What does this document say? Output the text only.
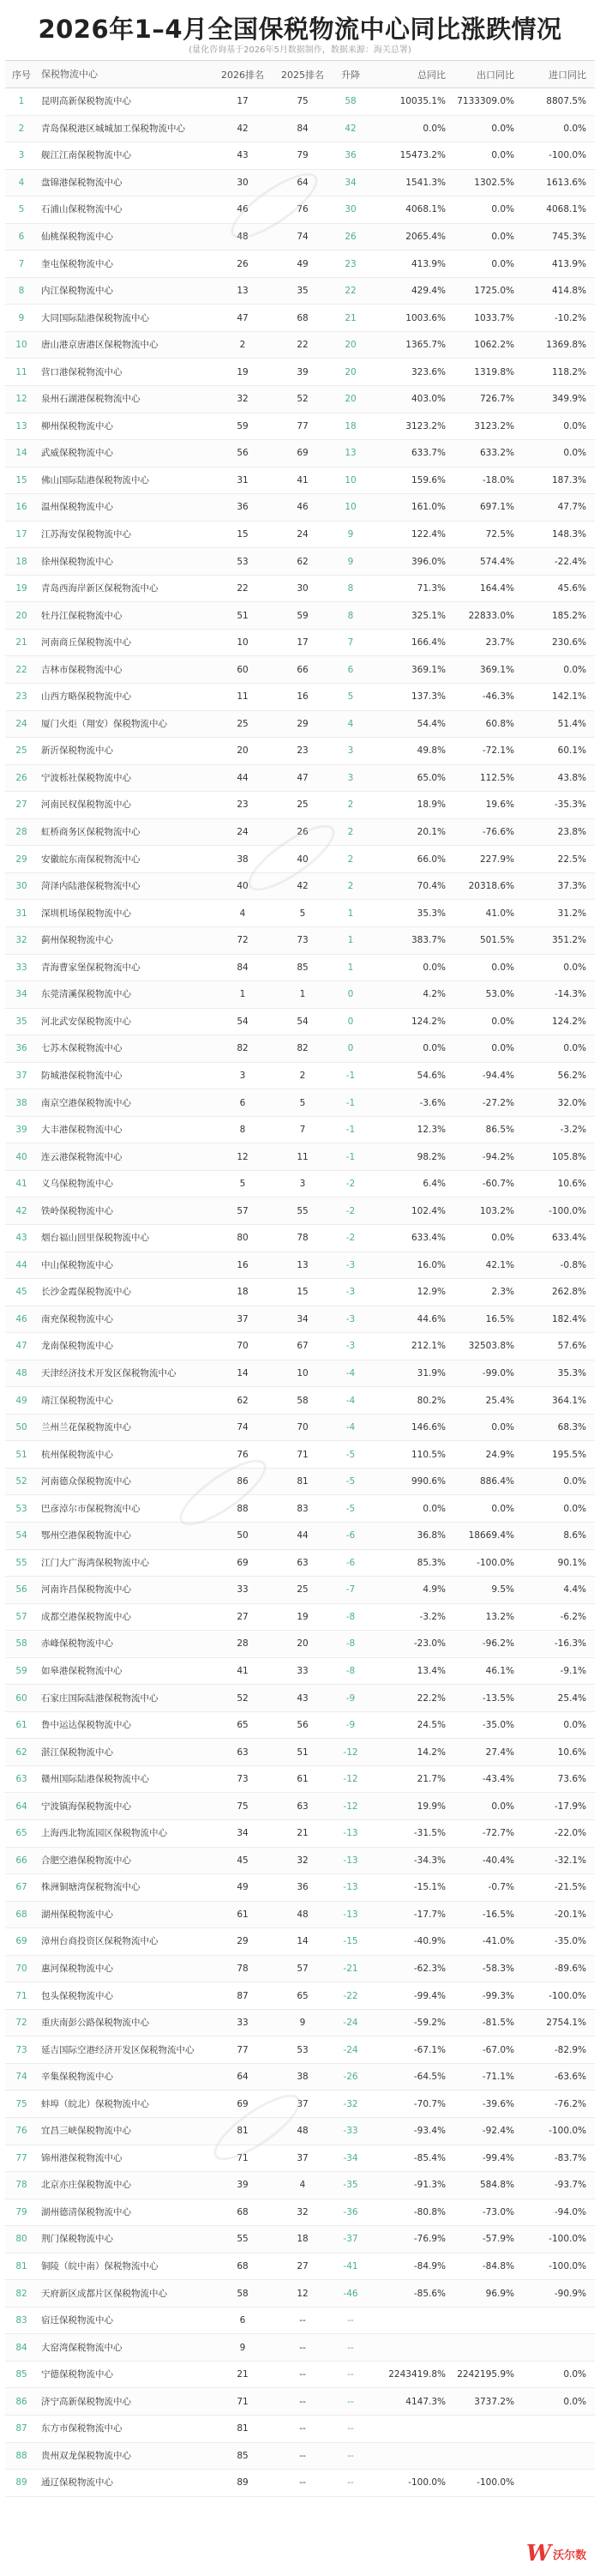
2026年1–4月全国保税物流中心同比涨跌情况
(量化咨询基于2026年5月数据制作，数据来源：海关总署)
序号	保税物流中心	2026排名	2025排名	升降	总同比	出口同比	进口同比
1	昆明高新保税物流中心	17	75	58	10035.1%	7133309.0%	8807.5%
2	青岛保税港区城城加工保税物流中心	42	84	42	0.0%	0.0%	0.0%
3	舰江江南保税物流中心	43	79	36	15473.2%	0.0%	-100.0%
4	盘锦港保税物流中心	30	64	34	1541.3%	1302.5%	1613.6%
5	石浦山保税物流中心	46	76	30	4068.1%	0.0%	4068.1%
6	仙桃保税物流中心	48	74	26	2065.4%	0.0%	745.3%
7	奎屯保税物流中心	26	49	23	413.9%	0.0%	413.9%
8	内江保税物流中心	13	35	22	429.4%	1725.0%	414.8%
9	大同国际陆港保税物流中心	47	68	21	1003.6%	1033.7%	-10.2%
10	唐山港京唐港区保税物流中心	2	22	20	1365.7%	1062.2%	1369.8%
11	营口港保税物流中心	19	39	20	323.6%	1319.8%	118.2%
12	泉州石湖港保税物流中心	32	52	20	403.0%	726.7%	349.9%
13	柳州保税物流中心	59	77	18	3123.2%	3123.2%	0.0%
14	武威保税物流中心	56	69	13	633.7%	633.2%	0.0%
15	佛山国际陆港保税物流中心	31	41	10	159.6%	-18.0%	187.3%
16	温州保税物流中心	36	46	10	161.0%	697.1%	47.7%
17	江苏海安保税物流中心	15	24	9	122.4%	72.5%	148.3%
18	徐州保税物流中心	53	62	9	396.0%	574.4%	-22.4%
19	青岛西海岸新区保税物流中心	22	30	8	71.3%	164.4%	45.6%
20	牡丹江保税物流中心	51	59	8	325.1%	22833.0%	185.2%
21	河南商丘保税物流中心	10	17	7	166.4%	23.7%	230.6%
22	吉林市保税物流中心	60	66	6	369.1%	369.1%	0.0%
23	山西方略保税物流中心	11	16	5	137.3%	-46.3%	142.1%
24	厦门火炬（翔安）保税物流中心	25	29	4	54.4%	60.8%	51.4%
25	新沂保税物流中心	20	23	3	49.8%	-72.1%	60.1%
26	宁波栎社保税物流中心	44	47	3	65.0%	112.5%	43.8%
27	河南民权保税物流中心	23	25	2	18.9%	19.6%	-35.3%
28	虹桥商务区保税物流中心	24	26	2	20.1%	-76.6%	23.8%
29	安徽皖东南保税物流中心	38	40	2	66.0%	227.9%	22.5%
30	菏泽内陆港保税物流中心	40	42	2	70.4%	20318.6%	37.3%
31	深圳机场保税物流中心	4	5	1	35.3%	41.0%	31.2%
32	蓟州保税物流中心	72	73	1	383.7%	501.5%	351.2%
33	青海曹家堡保税物流中心	84	85	1	0.0%	0.0%	0.0%
34	东莞清溪保税物流中心	1	1	0	4.2%	53.0%	-14.3%
35	河北武安保税物流中心	54	54	0	124.2%	0.0%	124.2%
36	七苏木保税物流中心	82	82	0	0.0%	0.0%	0.0%
37	防城港保税物流中心	3	2	-1	54.6%	-94.4%	56.2%
38	南京空港保税物流中心	6	5	-1	-3.6%	-27.2%	32.0%
39	大丰港保税物流中心	8	7	-1	12.3%	86.5%	-3.2%
40	连云港保税物流中心	12	11	-1	98.2%	-94.2%	105.8%
41	义乌保税物流中心	5	3	-2	6.4%	-60.7%	10.6%
42	铁岭保税物流中心	57	55	-2	102.4%	103.2%	-100.0%
43	烟台福山回里保税物流中心	80	78	-2	633.4%	0.0%	633.4%
44	中山保税物流中心	16	13	-3	16.0%	42.1%	-0.8%
45	长沙金霞保税物流中心	18	15	-3	12.9%	2.3%	262.8%
46	南充保税物流中心	37	34	-3	44.6%	16.5%	182.4%
47	龙南保税物流中心	70	67	-3	212.1%	32503.8%	57.6%
48	天津经济技术开发区保税物流中心	14	10	-4	31.9%	-99.0%	35.3%
49	靖江保税物流中心	62	58	-4	80.2%	25.4%	364.1%
50	兰州兰花保税物流中心	74	70	-4	146.6%	0.0%	68.3%
51	杭州保税物流中心	76	71	-5	110.5%	24.9%	195.5%
52	河南德众保税物流中心	86	81	-5	990.6%	886.4%	0.0%
53	巴彦淖尔市保税物流中心	88	83	-5	0.0%	0.0%	0.0%
54	鄂州空港保税物流中心	50	44	-6	36.8%	18669.4%	8.6%
55	江门大广海湾保税物流中心	69	63	-6	85.3%	-100.0%	90.1%
56	河南许昌保税物流中心	33	25	-7	4.9%	9.5%	4.4%
57	成都空港保税物流中心	27	19	-8	-3.2%	13.2%	-6.2%
58	赤峰保税物流中心	28	20	-8	-23.0%	-96.2%	-16.3%
59	如皋港保税物流中心	41	33	-8	13.4%	46.1%	-9.1%
60	石家庄国际陆港保税物流中心	52	43	-9	22.2%	-13.5%	25.4%
61	鲁中运达保税物流中心	65	56	-9	24.5%	-35.0%	0.0%
62	湛江保税物流中心	63	51	-12	14.2%	27.4%	10.6%
63	赣州国际陆港保税物流中心	73	61	-12	21.7%	-43.4%	73.6%
64	宁波镇海保税物流中心	75	63	-12	19.9%	0.0%	-17.9%
65	上海西北物流园区保税物流中心	34	21	-13	-31.5%	-72.7%	-22.0%
66	合肥空港保税物流中心	45	32	-13	-34.3%	-40.4%	-32.1%
67	株洲铜塘湾保税物流中心	49	36	-13	-15.1%	-0.7%	-21.5%
68	湖州保税物流中心	61	48	-13	-17.7%	-16.5%	-20.1%
69	漳州台商投资区保税物流中心	29	14	-15	-40.9%	-41.0%	-35.0%
70	惠河保税物流中心	78	57	-21	-62.3%	-58.3%	-89.6%
71	包头保税物流中心	87	65	-22	-99.4%	-99.3%	-100.0%
72	重庆南彭公路保税物流中心	33	9	-24	-59.2%	-81.5%	2754.1%
73	延吉国际空港经济开发区保税物流中心	77	53	-24	-67.1%	-67.0%	-82.9%
74	辛集保税物流中心	64	38	-26	-64.5%	-71.1%	-63.6%
75	蚌埠（皖北）保税物流中心	69	37	-32	-70.7%	-39.6%	-76.2%
76	宜昌三峡保税物流中心	81	48	-33	-93.4%	-92.4%	-100.0%
77	锦州港保税物流中心	71	37	-34	-85.4%	-99.4%	-83.7%
78	北京亦庄保税物流中心	39	4	-35	-91.3%	584.8%	-93.7%
79	湖州德清保税物流中心	68	32	-36	-80.8%	-73.0%	-94.0%
80	荆门保税物流中心	55	18	-37	-76.9%	-57.9%	-100.0%
81	铜陵（皖中南）保税物流中心	68	27	-41	-84.9%	-84.8%	-100.0%
82	天府新区成都片区保税物流中心	58	12	-46	-85.6%	96.9%	-90.9%
83	宿迁保税物流中心	6	--	--			
84	大窑湾保税物流中心	9	--	--			
85	宁德保税物流中心	21	--	--	2243419.8%	2242195.9%	0.0%
86	济宁高新保税物流中心	71	--	--	4147.3%	3737.2%	0.0%
87	东方市保税物流中心	81	--	--			
88	贵州双龙保税物流中心	85	--	--			
89	通辽保税物流中心	89	--	--	-100.0%	-100.0%	
W 沃尔数
